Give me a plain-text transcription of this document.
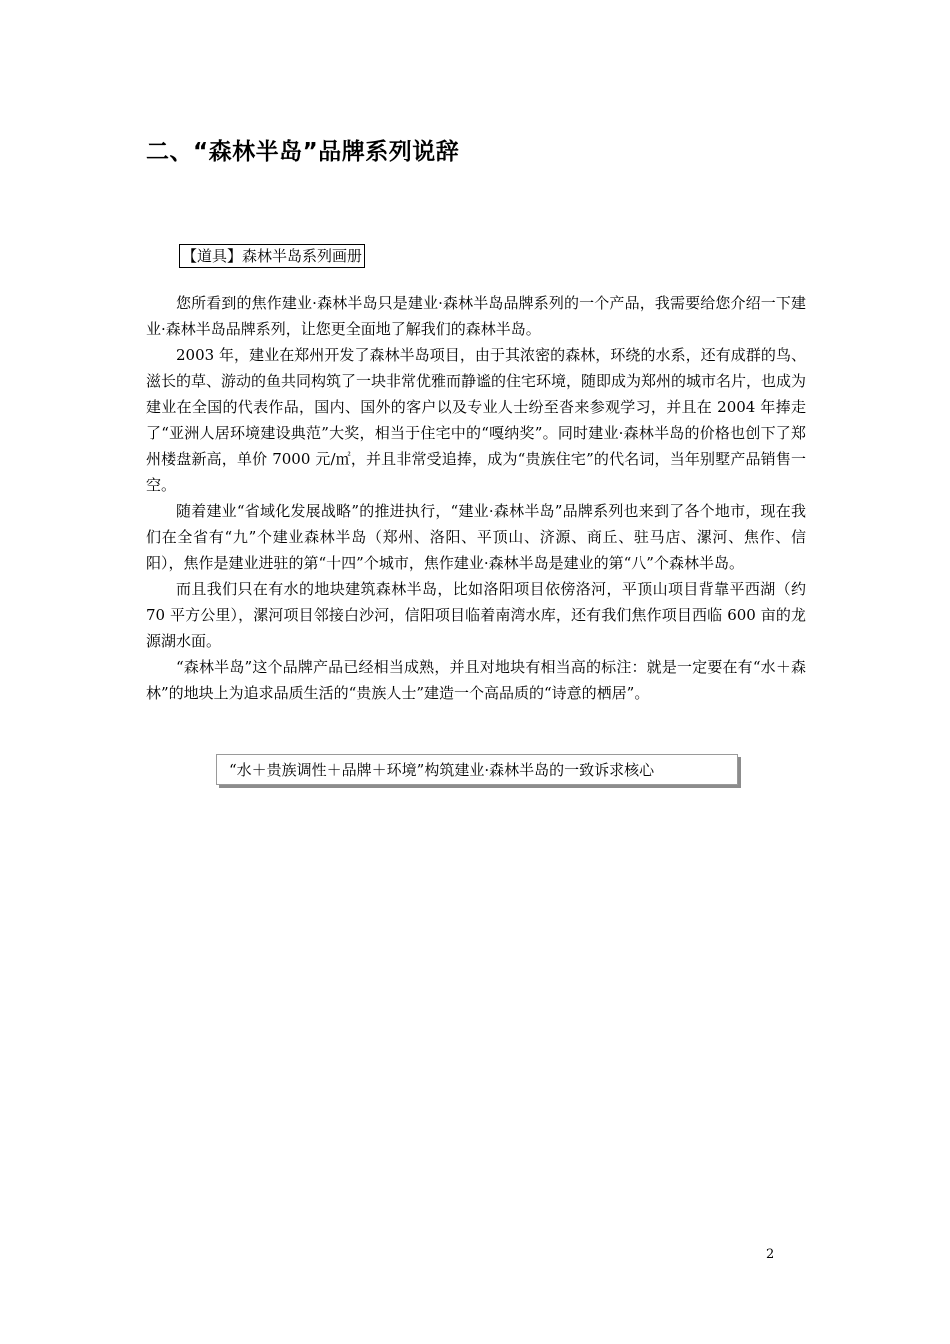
二、“森林半岛”品牌系列说辞
【道具】森林半岛系列画册

您所看到的焦作建业·森林半岛只是建业·森林半岛品牌系列的一个产品，我需要给您介绍一下建业·森林半岛品牌系列，让您更全面地了解我们的森林半岛。

2003 年，建业在郑州开发了森林半岛项目，由于其浓密的森林，环绕的水系，还有成群的鸟、滋长的草、游动的鱼共同构筑了一块非常优雅而静谧的住宅环境，随即成为郑州的城市名片，也成为建业在全国的代表作品，国内、国外的客户以及专业人士纷至沓来参观学习，并且在 2004 年捧走了“亚洲人居环境建设典范”大奖，相当于住宅中的“嘎纳奖”。同时建业·森林半岛的价格也创下了郑州楼盘新高，单价 7000 元/㎡，并且非常受追捧，成为“贵族住宅”的代名词，当年别墅产品销售一空。

随着建业“省域化发展战略”的推进执行，“建业·森林半岛”品牌系列也来到了各个地市，现在我们在全省有“九”个建业森林半岛（郑州、洛阳、平顶山、济源、商丘、驻马店、漯河、焦作、信阳），焦作是建业进驻的第“十四”个城市，焦作建业·森林半岛是建业的第“八”个森林半岛。

而且我们只在有水的地块建筑森林半岛，比如洛阳项目依傍洛河，平顶山项目背靠平西湖（约 70 平方公里），漯河项目邻接白沙河，信阳项目临着南湾水库，还有我们焦作项目西临 600 亩的龙源湖水面。

“森林半岛”这个品牌产品已经相当成熟，并且对地块有相当高的标注：就是一定要在有“水＋森林”的地块上为追求品质生活的“贵族人士”建造一个高品质的“诗意的栖居”。

“水＋贵族调性＋品牌＋环境”构筑建业·森林半岛的一致诉求核心
2
